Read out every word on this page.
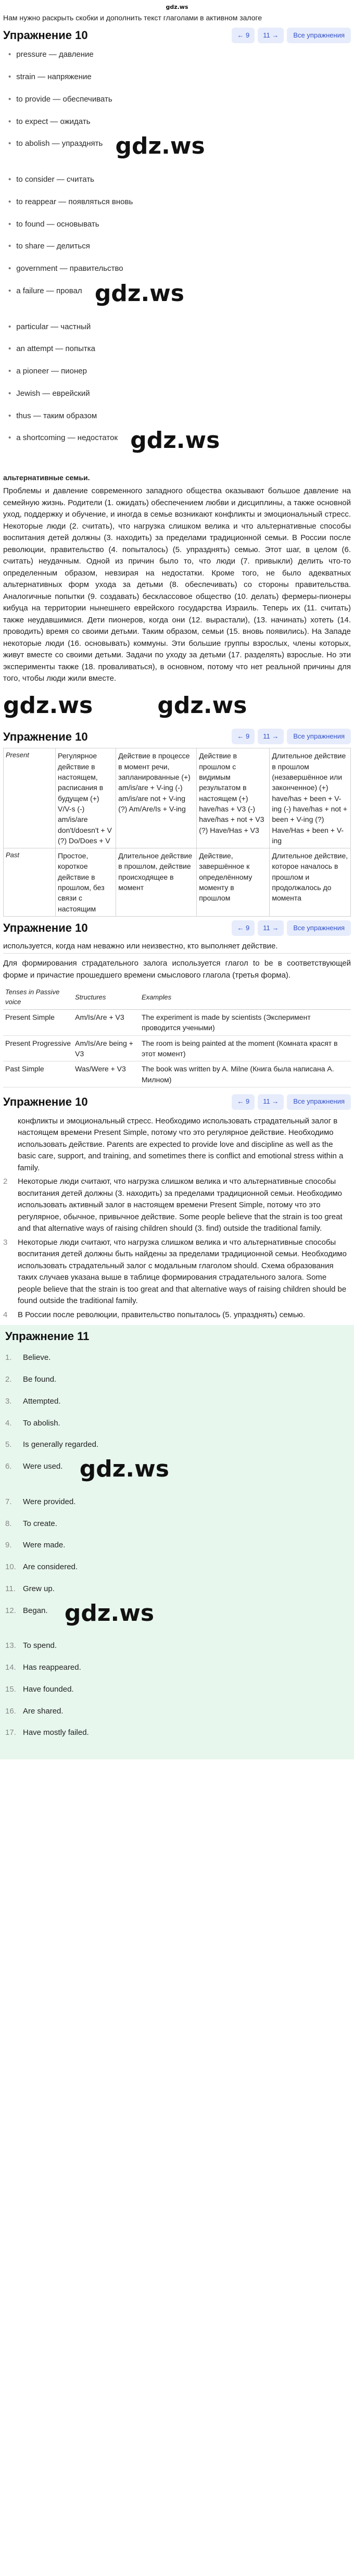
gdz.ws

Нам нужно раскрыть скобки и дополнить текст глаголами в активном залоге

Упражнение 10	← 9	11 →	Все упражнения
• pressure — давление
• strain — напряжение
• to provide — обеспечивать
• to expect — ожидать
• to abolish — упразднять
gdz.ws
• to consider — считать
• to reappear — появляться вновь
• to found — основывать
• to share — делиться
• government — правительство
• a failure — провал
gdz.ws
• particular — частный
• an attempt — попытка
• a pioneer — пионер
• Jewish — еврейский
• thus — таким образом
• a shortcoming — недостаток
gdz.ws

альтернативные семьи.

Проблемы и давление современного западного общества оказывают большое давление на семейную жизнь. Родители (1. ожидать) обеспечением любви и дисциплины, а также основной уход, поддержку и обучение, и иногда в семье возникают конфликты и эмоциональный стресс. Некоторые люди (2. считать), что нагрузка слишком велика и что альтернативные способы воспитания детей должны (3. находить) за пределами традиционной семьи. В России после революции, правительство (4. попыталось) (5. упразднять) семью. Этот шаг, в целом (6. считать) неудачным. Одной из причин было то, что люди (7. привыкли) делить что-то определенным образом, невзирая на недостатки. Кроме того, не было адекватных альтернативных форм ухода за детьми (8. обеспечивать) со стороны правительства. Аналогичные попытки (9. создавать) бесклассовое общество (10. делать) фермеры-пионеры кибуца на территории нынешнего еврейского государства Израиль. Теперь их (11. считать) также неудавшимися. Дети пионеров, когда они (12. вырастали), (13. начинать) хотеть (14. проводить) время со своими детьми. Таким образом, семьи (15. вновь появились). На Западе некоторые люди (16. основывать) коммуны. Эти большие группы взрослых, члены которых, живут вместе со своими детьми. Задачи по уходу за детьми (17. разделять) взрослые. Но эти эксперименты также (18. проваливаться), в основном, потому что нет реальной причины для того, чтобы люди жили вместе.

gdz.ws	gdz.ws
Упражнение 10	← 9	11 →	Все упражнения
Present	Регулярное действие в настоящем, расписания в будущем (+) V/V-s (-) am/is/are don't/doesn't + V (?) Do/Does + V	Действие в процессе в момент речи, запланированные (+) am/is/are + V-ing (-) am/is/are not + V-ing (?) Am/Are/Is + V-ing	Действие в прошлом с видимым результатом в настоящем (+) have/has + V3 (-) have/has + not + V3 (?) Have/Has + V3	Длительное действие в прошлом (незавершённое или законченное) (+) have/has + been + V-ing (-) have/has + not + been + V-ing (?) Have/Has + been + V-ing
Past	Простое, короткое действие в прошлом, без связи с настоящим	Длительное действие в прошлом, действие происходящее в момент	Действие, завершённое к определённому моменту в прошлом	Длительное действие, которое началось в прошлом и продолжалось до момента
Упражнение 10	← 9	11 →	Все упражнения

используется, когда нам неважно или неизвестно, кто выполняет действие.

Для формирования страдательного залога используется глагол to be в соответствующей форме и причастие прошедшего времени смыслового глагола (третья форма).

Tenses in Passive voice	Structures	Examples
Present Simple	Am/Is/Are + V3	The experiment is made by scientists (Эксперимент проводится учеными)
Present Progressive	Am/Is/Are being + V3	The room is being painted at the moment (Комната красят в этот момент)
Past Simple	Was/Were + V3	The book was written by A. Milne (Книга была написана А. Милном)
Упражнение 10	← 9	11 →	Все упражнения
конфликты и эмоциональный стресс. Необходимо использовать страдательный залог в настоящем времени Present Simple, потому что это регулярное действие. Необходимо использовать действие. Parents are expected to provide love and discipline as well as the basic care, support, and training, and sometimes there is conflict and emotional stress within a family.
2	Некоторые люди считают, что нагрузка слишком велика и что альтернативные способы воспитания детей должны (3. находить) за пределами традиционной семьи. Необходимо использовать активный залог в настоящем времени Present Simple, потому что это регулярное, обычное, привычное действие. Some people believe that the strain is too great and that alternative ways of raising children should (3. find) outside the traditional family.
3	Некоторые люди считают, что нагрузка слишком велика и что альтернативные способы воспитания детей должны быть найдены за пределами традиционной семьи. Необходимо использовать страдательный залог с модальным глаголом should. Схема образования таких случаев указана выше в таблице формирования страдательного залога. Some people believe that the strain is too great and that alternative ways of raising children should be found outside the traditional family.
4	В России после революции, правительство попыталось (5. упразднять) семью.
Упражнение 11
1.	Believe.
2.	Be found.
3.	Attempted.
4.	To abolish.
5.	Is generally regarded.
6.	Were used.
gdz.ws
7.	Were provided.
8.	To create.
9.	Were made.
10. Are considered.
11. Grew up.
12. Began.
gdz.ws
13. To spend.
14. Has reappeared.
15. Have founded.
16. Are shared.
17. Have mostly failed.
